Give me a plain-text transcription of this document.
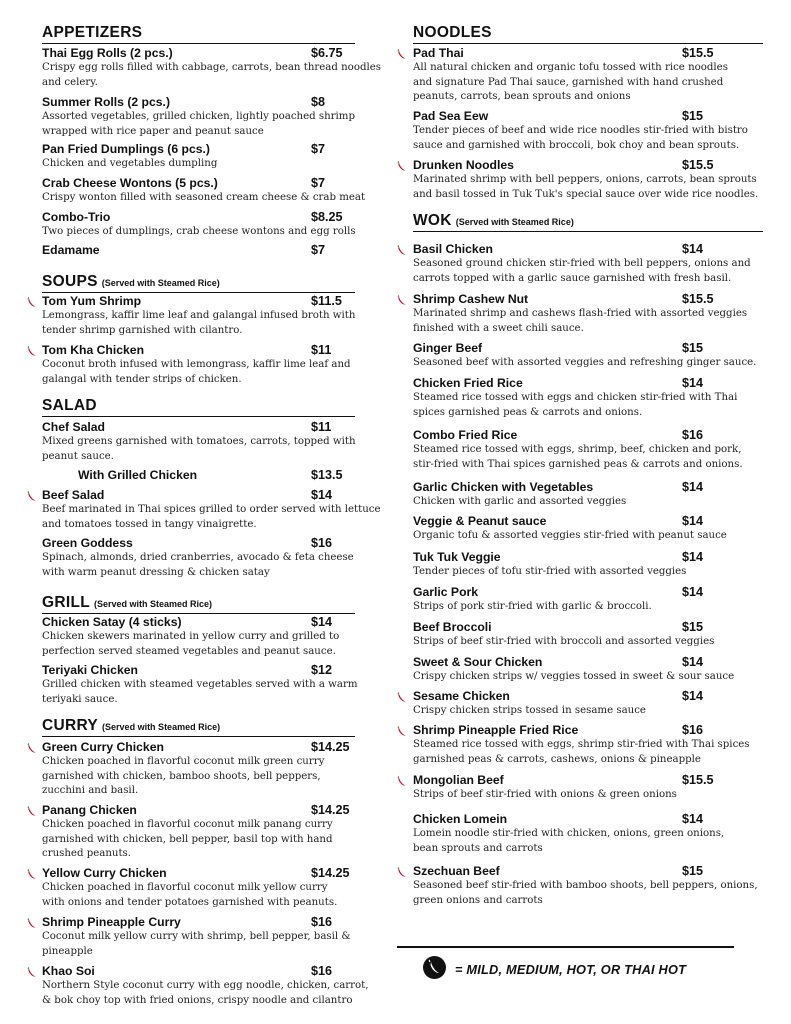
APPETIZERS
Thai Egg Rolls (2 pcs.)	$6.75
Crispy egg rolls filled with cabbage, carrots, bean thread noodles
and celery.
Summer Rolls (2 pcs.)	$8
Assorted vegetables, grilled chicken, lightly poached shrimp
wrapped with rice paper and peanut sauce
Pan Fried Dumplings (6 pcs.)	$7
Chicken and vegetables dumpling
Crab Cheese Wontons (5 pcs.)	$7
Crispy wonton filled with seasoned cream cheese & crab meat
Combo-Trio	$8.25
Two pieces of dumplings, crab cheese wontons and egg rolls
Edamame	$7
SOUPS (Served with Steamed Rice)
Tom Yum Shrimp	$11.5
Lemongrass, kaffir lime leaf and galangal infused broth with
tender shrimp garnished with cilantro.
Tom Kha Chicken	$11
Coconut broth infused with lemongrass, kaffir lime leaf and
galangal with tender strips of chicken.
SALAD
Chef Salad	$11
Mixed greens garnished with tomatoes, carrots, topped with
peanut sauce.
With Grilled Chicken	$13.5
Beef Salad	$14
Beef marinated in Thai spices grilled to order served with lettuce
and tomatoes tossed in tangy vinaigrette.
Green Goddess	$16
Spinach, almonds, dried cranberries, avocado & feta cheese
with warm peanut dressing & chicken satay
GRILL (Served with Steamed Rice)
Chicken Satay (4 sticks)	$14
Chicken skewers marinated in yellow curry and grilled to
perfection served steamed vegetables and peanut sauce.
Teriyaki Chicken	$12
Grilled chicken with steamed vegetables served with a warm
teriyaki sauce.
CURRY (Served with Steamed Rice)
Green Curry Chicken	$14.25
Chicken poached in flavorful coconut milk green curry
garnished with chicken, bamboo shoots, bell peppers,
zucchini and basil.
Panang Chicken	$14.25
Chicken poached in flavorful coconut milk panang curry
garnished with chicken, bell pepper, basil top with hand
crushed peanuts.
Yellow Curry Chicken	$14.25
Chicken poached in flavorful coconut milk yellow curry
with onions and tender potatoes garnished with peanuts.
Shrimp Pineapple Curry	$16
Coconut milk yellow curry with shrimp, bell pepper, basil &
pineapple
Khao Soi	$16
Northern Style coconut curry with egg noodle, chicken, carrot,
& bok choy top with fried onions, crispy noodle and cilantro
NOODLES
Pad Thai	$15.5
All natural chicken and organic tofu tossed with rice noodles
and signature Pad Thai sauce, garnished with hand crushed
peanuts, carrots, bean sprouts and onions
Pad Sea Eew	$15
Tender pieces of beef and wide rice noodles stir-fried with bistro
sauce and garnished with broccoli, bok choy and bean sprouts.
Drunken Noodles	$15.5
Marinated shrimp with bell peppers, onions, carrots, bean sprouts
and basil tossed in Tuk Tuk's special sauce over wide rice noodles.
WOK (Served with Steamed Rice)
Basil Chicken	$14
Seasoned ground chicken stir-fried with bell peppers, onions and
carrots topped with a garlic sauce garnished with fresh basil.
Shrimp Cashew Nut	$15.5
Marinated shrimp and cashews flash-fried with assorted veggies
finished with a sweet chili sauce.
Ginger Beef	$15
Seasoned beef with assorted veggies and refreshing ginger sauce.
Chicken Fried Rice	$14
Steamed rice tossed with eggs and chicken stir-fried with Thai
spices garnished peas & carrots and onions.
Combo Fried Rice	$16
Steamed rice tossed with eggs, shrimp, beef, chicken and pork,
stir-fried with Thai spices garnished peas & carrots and onions.
Garlic Chicken with Vegetables	$14
Chicken with garlic and assorted veggies
Veggie & Peanut sauce	$14
Organic tofu & assorted veggies stir-fried with peanut sauce
Tuk Tuk Veggie	$14
Tender pieces of tofu stir-fried with assorted veggies
Garlic Pork	$14
Strips of pork stir-fried with garlic & broccoli.
Beef Broccoli	$15
Strips of beef stir-fried with broccoli and assorted veggies
Sweet & Sour Chicken	$14
Crispy chicken strips w/ veggies tossed in sweet & sour sauce
Sesame Chicken	$14
Crispy chicken strips tossed in sesame sauce
Shrimp Pineapple Fried Rice	$16
Steamed rice tossed with eggs, shrimp stir-fried with Thai spices
garnished peas & carrots, cashews, onions & pineapple
Mongolian Beef	$15.5
Strips of beef stir-fried with onions & green onions
Chicken Lomein	$14
Lomein noodle stir-fried with chicken, onions, green onions,
bean sprouts and carrots
Szechuan Beef	$15
Seasoned beef stir-fried with bamboo shoots, bell peppers, onions,
green onions and carrots
= MILD, MEDIUM, HOT, OR THAI HOT
